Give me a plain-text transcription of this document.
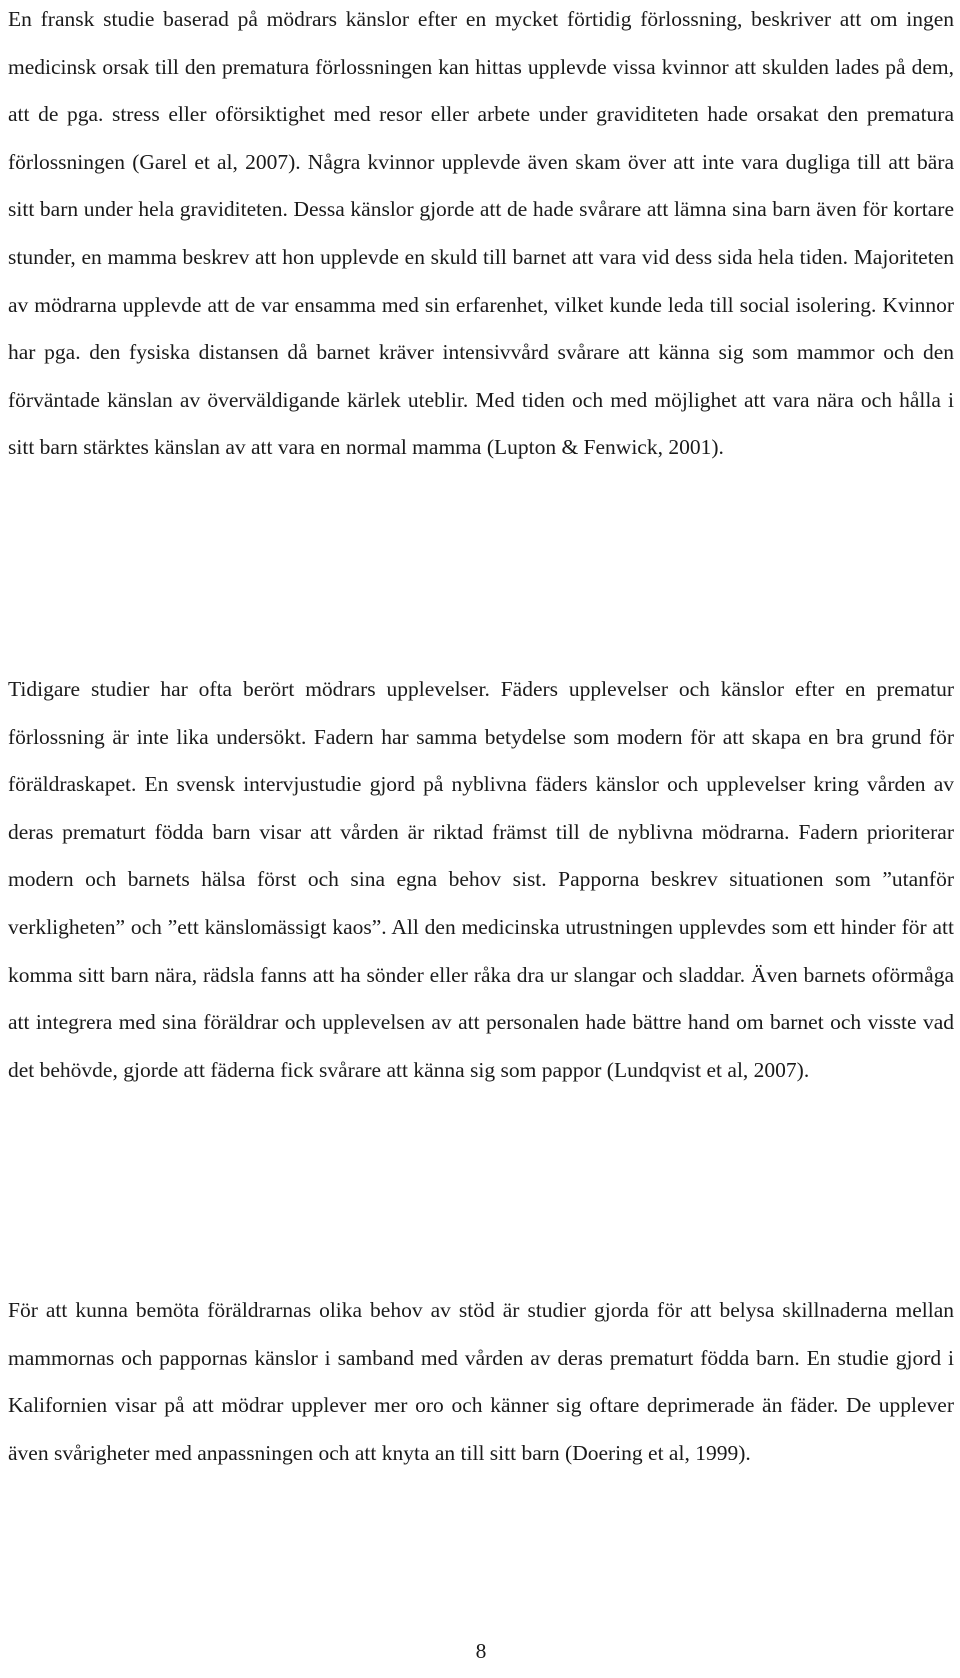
En fransk studie baserad på mödrars känslor efter en mycket förtidig förlossning, beskriver att om ingen medicinsk orsak till den prematura förlossningen kan hittas upplevde vissa kvinnor att skulden lades på dem, att de pga. stress eller oförsiktighet med resor eller arbete under graviditeten hade orsakat den prematura förlossningen (Garel et al, 2007). Några kvinnor upplevde även skam över att inte vara dugliga till att bära sitt barn under hela graviditeten. Dessa känslor gjorde att de hade svårare att lämna sina barn även för kortare stunder, en mamma beskrev att hon upplevde en skuld till barnet att vara vid dess sida hela tiden. Majoriteten av mödrarna upplevde att de var ensamma med sin erfarenhet, vilket kunde leda till social isolering. Kvinnor har pga. den fysiska distansen då barnet kräver intensivvård svårare att känna sig som mammor och den förväntade känslan av överväldigande kärlek uteblir. Med tiden och med möjlighet att vara nära och hålla i sitt barn stärktes känslan av att vara en normal mamma (Lupton & Fenwick, 2001).

Tidigare studier har ofta berört mödrars upplevelser. Fäders upplevelser och känslor efter en prematur förlossning är inte lika undersökt. Fadern har samma betydelse som modern för att skapa en bra grund för föräldraskapet. En svensk intervjustudie gjord på nyblivna fäders känslor och upplevelser kring vården av deras prematurt födda barn visar att vården är riktad främst till de nyblivna mödrarna. Fadern prioriterar modern och barnets hälsa först och sina egna behov sist. Papporna beskrev situationen som ”utanför verkligheten” och ”ett känslomässigt kaos”. All den medicinska utrustningen upplevdes som ett hinder för att komma sitt barn nära, rädsla fanns att ha sönder eller råka dra ur slangar och sladdar. Även barnets oförmåga att integrera med sina föräldrar och upplevelsen av att personalen hade bättre hand om barnet och visste vad det behövde, gjorde att fäderna fick svårare att känna sig som pappor (Lundqvist et al, 2007).

För att kunna bemöta föräldrarnas olika behov av stöd är studier gjorda för att belysa skillnaderna mellan mammornas och pappornas känslor i samband med vården av deras prematurt födda barn. En studie gjord i Kalifornien visar på att mödrar upplever mer oro och känner sig oftare deprimerade än fäder. De upplever även svårigheter med anpassningen och att knyta an till sitt barn (Doering et al, 1999).

8
